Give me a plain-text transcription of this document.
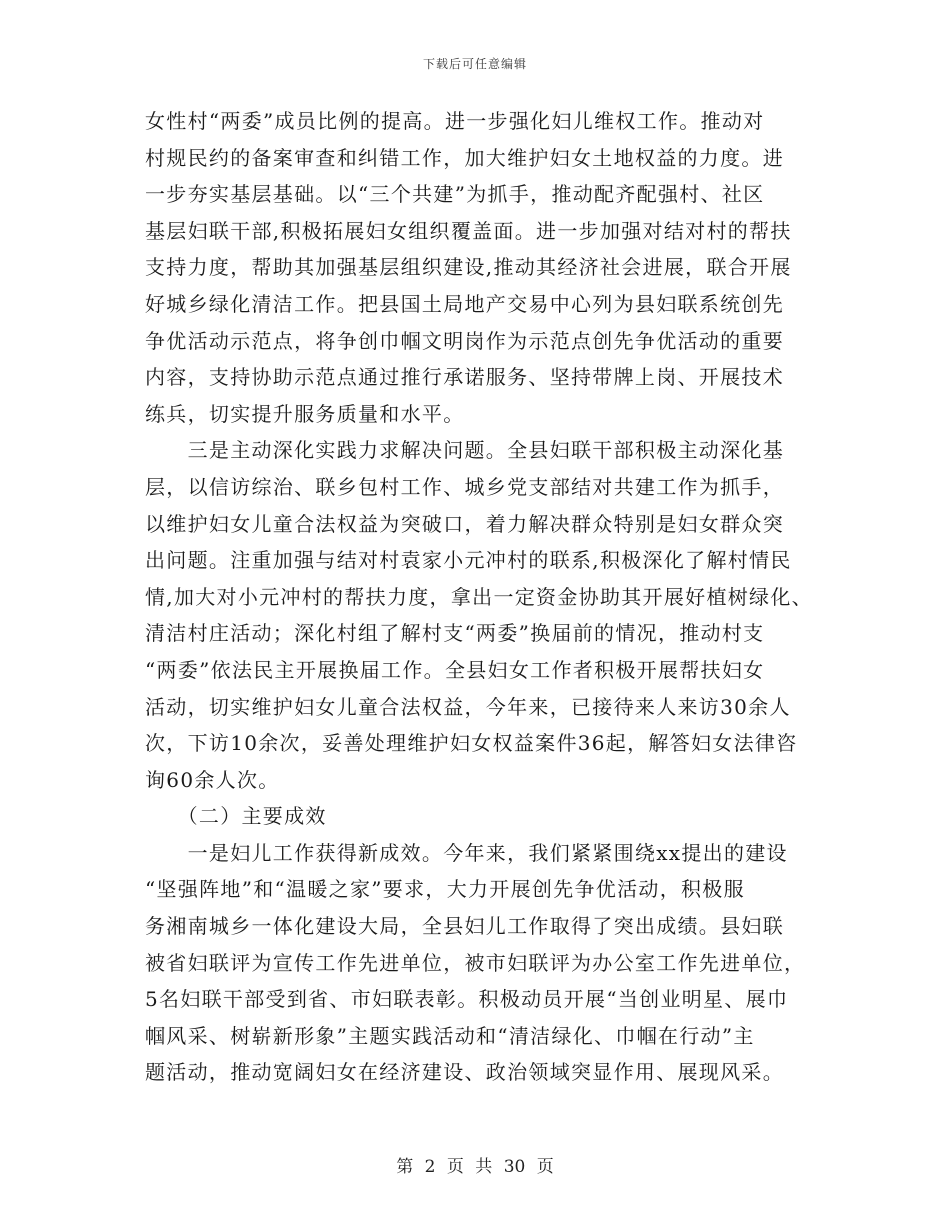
下载后可任意编辑
女性村“两委”成员比例的提高。进一步强化妇儿维权工作。推动对
村规民约的备案审查和纠错工作，加大维护妇女土地权益的力度。进
一步夯实基层基础。以“三个共建”为抓手，推动配齐配强村、社区
基层妇联干部,积极拓展妇女组织覆盖面。进一步加强对结对村的帮扶
支持力度，帮助其加强基层组织建设,推动其经济社会进展，联合开展
好城乡绿化清洁工作。把县国土局地产交易中心列为县妇联系统创先
争优活动示范点，将争创巾帼文明岗作为示范点创先争优活动的重要
内容，支持协助示范点通过推行承诺服务、坚持带牌上岗、开展技术
练兵，切实提升服务质量和水平。
　　三是主动深化实践力求解决问题。全县妇联干部积极主动深化基
层，以信访综治、联乡包村工作、城乡党支部结对共建工作为抓手，
以维护妇女儿童合法权益为突破口，着力解决群众特别是妇女群众突
出问题。注重加强与结对村袁家小元冲村的联系,积极深化了解村情民
情,加大对小元冲村的帮扶力度，拿出一定资金协助其开展好植树绿化、
清洁村庄活动；深化村组了解村支“两委”换届前的情况，推动村支
“两委”依法民主开展换届工作。全县妇女工作者积极开展帮扶妇女
活动，切实维护妇女儿童合法权益，今年来，已接待来人来访30余人
次，下访10余次，妥善处理维护妇女权益案件36起，解答妇女法律咨
询60余人次。
　　（二）主要成效
　　一是妇儿工作获得新成效。今年来，我们紧紧围绕xx提出的建设
“坚强阵地”和“温暖之家”要求，大力开展创先争优活动，积极服
务湘南城乡一体化建设大局，全县妇儿工作取得了突出成绩。县妇联
被省妇联评为宣传工作先进单位，被市妇联评为办公室工作先进单位，
5名妇联干部受到省、市妇联表彰。积极动员开展“当创业明星、展巾
帼风采、树崭新形象”主题实践活动和“清洁绿化、巾帼在行动”主
题活动，推动宽阔妇女在经济建设、政治领域突显作用、展现风采。
第 2 页 共 30 页
